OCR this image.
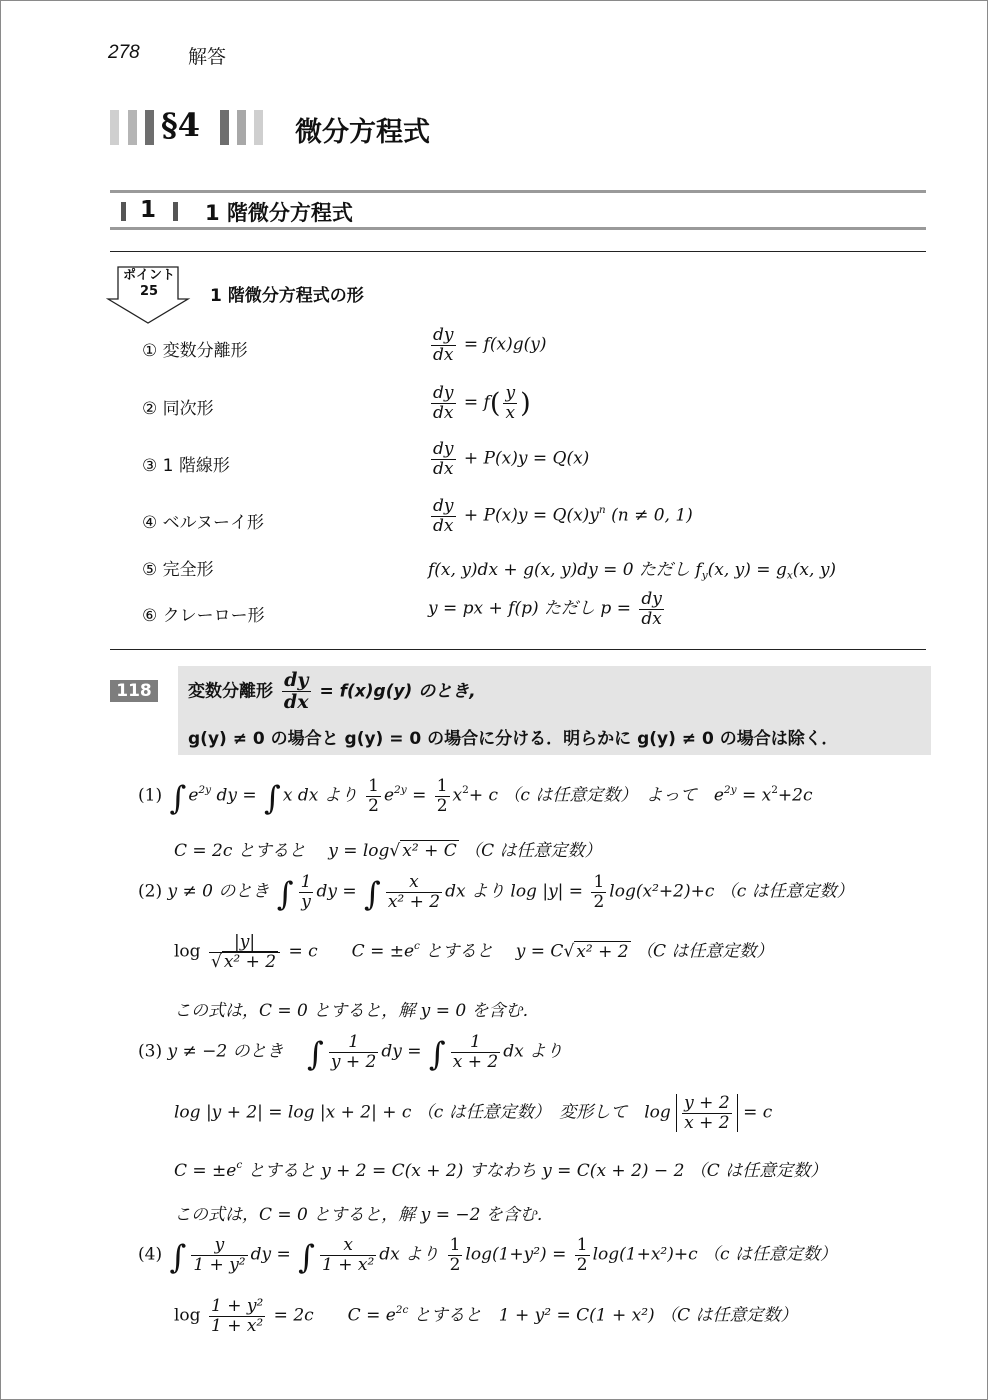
278	解答
§4	微分方程式
1 1 階微分方程式
ポイント
25	1 階微分方程式の形
① 変数分離形	$\frac{dy}{dx} = f(x)g(y)$
② 同次形	$\frac{dy}{dx} = f( \frac{y}{x}$ )
③ 1 階線形	$\frac{dy}{dx} + P(x)y = Q(x)$
④ ベルヌーイ形	$\frac{dy}{dx} + P(x)y = Q(x)y^n$ (n ≠ 0, 1)
⑤ 完全形	f(x, y)dx + g(x, y)dy = 0 ただし $f_y(x$, $y) = g_x(x$, y)
⑥ クレーロー形	y = px + f(p) ただし $p = \frac{dy}{dx}$
118	変数分離形 $\frac{dy}{dx} = f(x)g(y)$ のとき,
g(y) ≠ 0 の場合と g(y) = 0 の場合に分ける．明らかに g(y) ≠ 0 の場合は除く．
(1) ∫ $e^{2y}$ dy = ∫ x dx より $\frac{1}{2} e^{2y} = \frac{1}{2} x^2+ c$ （c は任意定数）　よって　$e^{2y} = x^2+2c$
C = 2c とすると　 y = log√ x² + C （C は任意定数）
(2) y ≠ 0 のとき ∫ $\frac{1}{y}$ dy = ∫ $\frac{x}{\text{x² + 2}}$ dx より $\log |y| = \frac{1}{2} \log(x^2+2)+c$ （c は任意定数）
$\log \frac{|y|}{\text{√ x² + 2}} = c$　　$C = \pm e^c$ とすると　 y = C√ x² + 2 （C は任意定数）
この式は，C = 0 とすると，解 y = 0 を含む．
(3) y ≠ −2 のとき ∫ $\frac{1}{y + 2}$ dy = ∫ $\frac{1}{x + 2}$ dx より
log |y + 2| = log |x + 2| + c （c は任意定数）　変形して　$\log \frac{y + 2}{x + 2} = c$
$C = \pm e^c$ とすると y + 2 = C(x + 2) すなわち y = C(x + 2) − 2 （C は任意定数）
この式は，C = 0 とすると，解 y = −2 を含む．
(4) ∫ $\frac{y}{\text{1 + y²}}$ dy = ∫ $\frac{x}{\text{1 + x²}}$ dx より $\frac{1}{2} \log(1+y^2) = \frac{1}{2} \log(1+x^2)+c$ （c は任意定数）
$\log \frac{\text{1 + y²}}{\text{1 + x²}} = 2c$　　$C = e^{2c}$ とすると　1 + y² = C(1 + x²) （C は任意定数）
